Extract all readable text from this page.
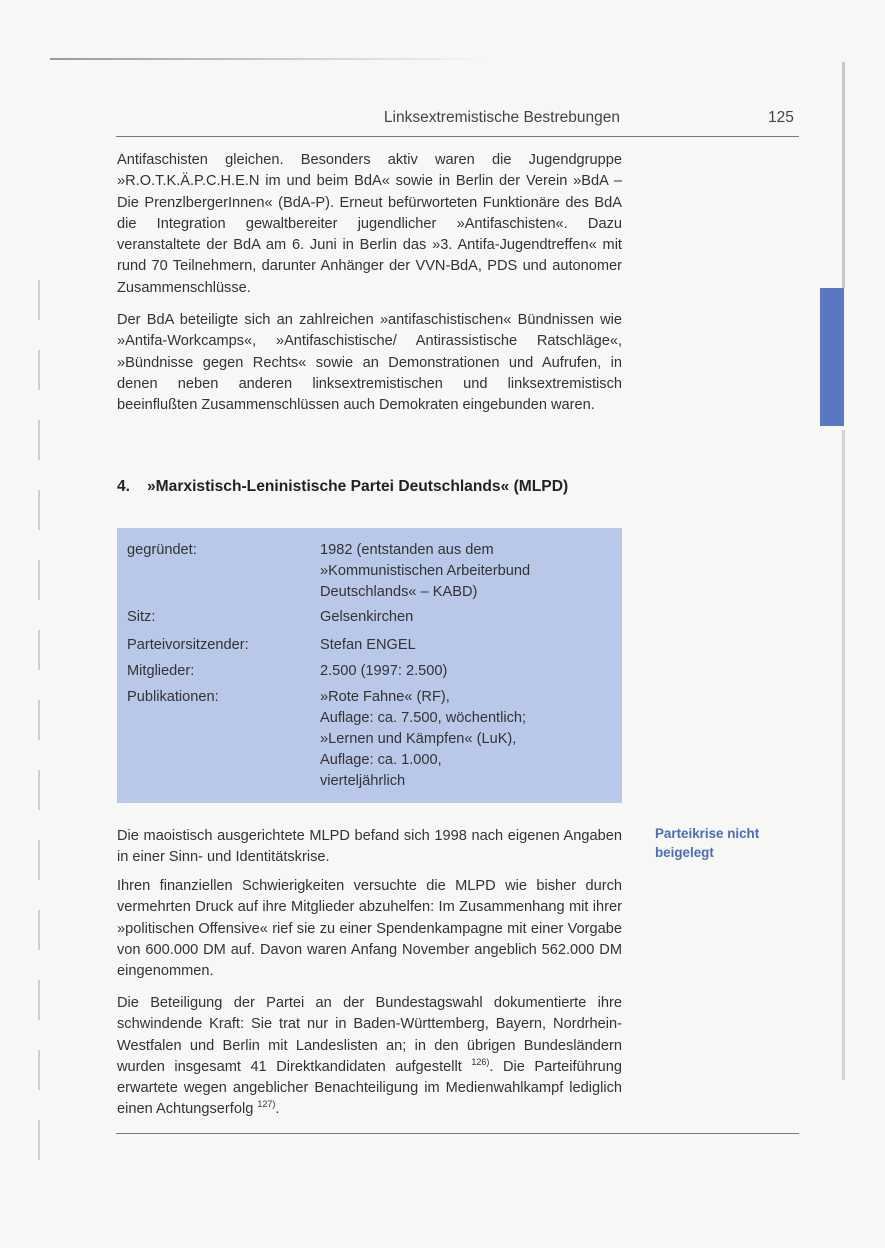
Linksextremistische Bestrebungen	125

Antifaschisten gleichen. Besonders aktiv waren die Jugendgruppe »R.O.T.K.Ä.P.C.H.E.N im und beim BdA« sowie in Berlin der Verein »BdA – Die PrenzlbergerInnen« (BdA-P). Erneut befürworteten Funktionäre des BdA die Integration gewaltbereiter jugendlicher »Antifaschisten«. Dazu veranstaltete der BdA am 6. Juni in Berlin das »3. Antifa-Jugendtreffen« mit rund 70 Teilnehmern, darunter Anhänger der VVN-BdA, PDS und autonomer Zusammenschlüsse.

Der BdA beteiligte sich an zahlreichen »antifaschistischen« Bündnissen wie »Antifa-Workcamps«, »Antifaschistische/ Antirassistische Ratschläge«, »Bündnisse gegen Rechts« sowie an Demonstrationen und Aufrufen, in denen neben anderen linksextremistischen und linksextremistisch beeinflußten Zusammenschlüssen auch Demokraten eingebunden waren.

4. »Marxistisch-Leninistische Partei Deutschlands« (MLPD)
gegründet:	1982 (entstanden aus dem
»Kommunistischen Arbeiterbund
Deutschlands« – KABD)
Sitz:	Gelsenkirchen
Parteivorsitzender:	Stefan ENGEL
Mitglieder:	2.500 (1997: 2.500)
Publikationen:	»Rote Fahne« (RF),
Auflage: ca. 7.500, wöchentlich;
»Lernen und Kämpfen« (LuK),
Auflage: ca. 1.000,
vierteljährlich

Die maoistisch ausgerichtete MLPD befand sich 1998 nach eigenen Angaben in einer Sinn- und Identitätskrise.

Ihren finanziellen Schwierigkeiten versuchte die MLPD wie bisher durch vermehrten Druck auf ihre Mitglieder abzuhelfen: Im Zusammenhang mit ihrer »politischen Offensive« rief sie zu einer Spendenkampagne mit einer Vorgabe von 600.000 DM auf. Davon waren Anfang November angeblich 562.000 DM eingenommen.

Die Beteiligung der Partei an der Bundestagswahl dokumentierte ihre schwindende Kraft: Sie trat nur in Baden-Württemberg, Bayern, Nordrhein-Westfalen und Berlin mit Landeslisten an; in den übrigen Bundesländern wurden insgesamt 41 Direktkandidaten aufgestellt $^{126)}$. Die Parteiführung erwartete wegen angeblicher Benachteiligung im Medienwahlkampf lediglich einen Achtungserfolg $^{127)}$.

Parteikrise nicht
beigelegt
